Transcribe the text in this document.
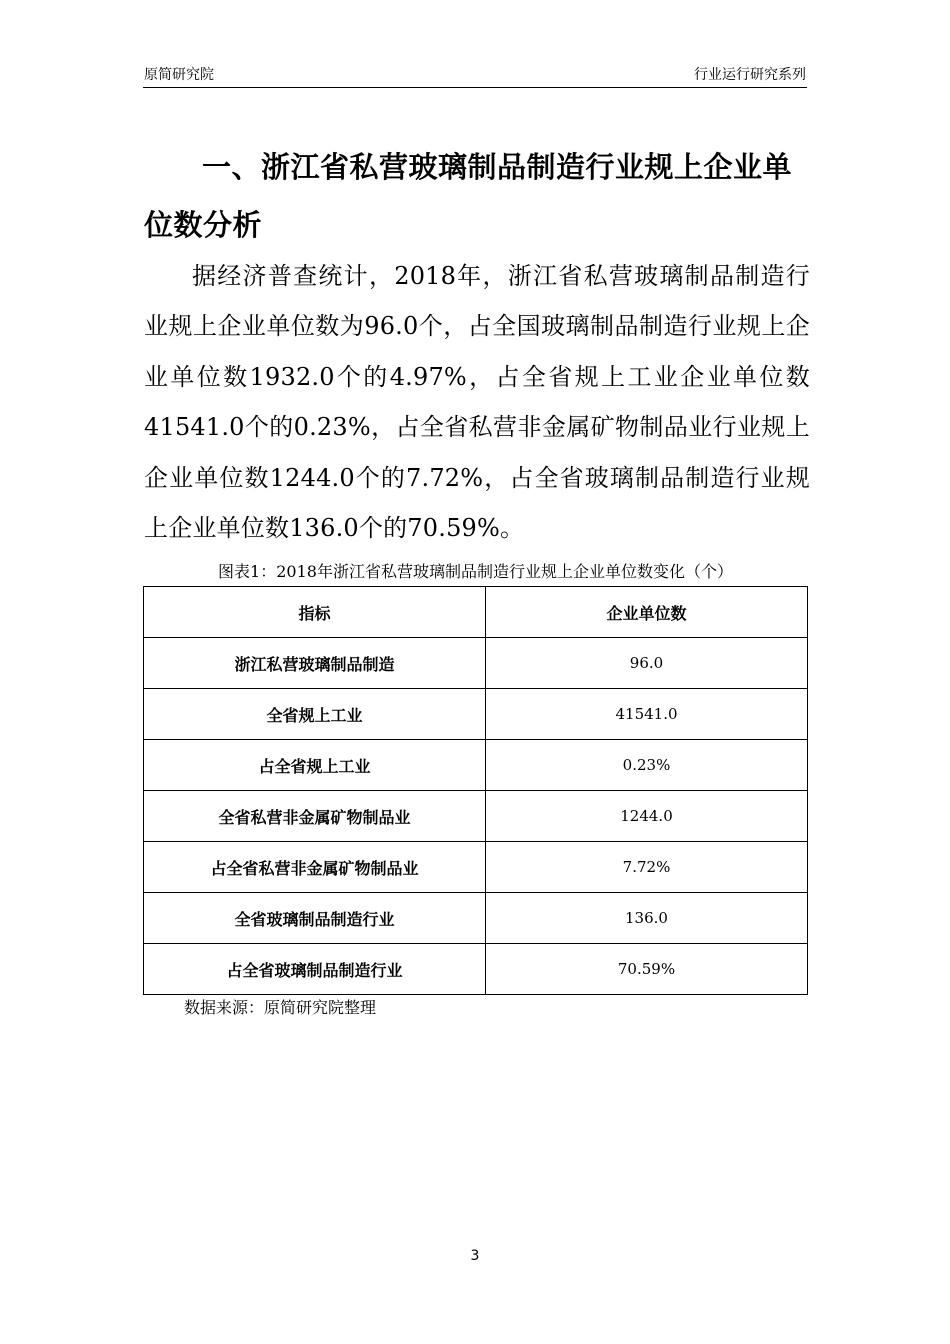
原简研究院	行业运行研究系列
一、浙江省私营玻璃制品制造行业规上企业单位数分析

据经济普查统计，2018年，浙江省私营玻璃制品制造行业规上企业单位数为96.0个，占全国玻璃制品制造行业规上企业单位数1932.0个的4.97%，占全省规上工业企业单位数41541.0个的0.23%，占全省私营非金属矿物制品业行业规上企业单位数1244.0个的7.72%，占全省玻璃制品制造行业规上企业单位数136.0个的70.59%。

图表1：2018年浙江省私营玻璃制品制造行业规上企业单位数变化（个）
指标	企业单位数
浙江私营玻璃制品制造	96.0
全省规上工业	41541.0
占全省规上工业	0.23%
全省私营非金属矿物制品业	1244.0
占全省私营非金属矿物制品业	7.72%
全省玻璃制品制造行业	136.0
占全省玻璃制品制造行业	70.59%
数据来源：原简研究院整理
3
